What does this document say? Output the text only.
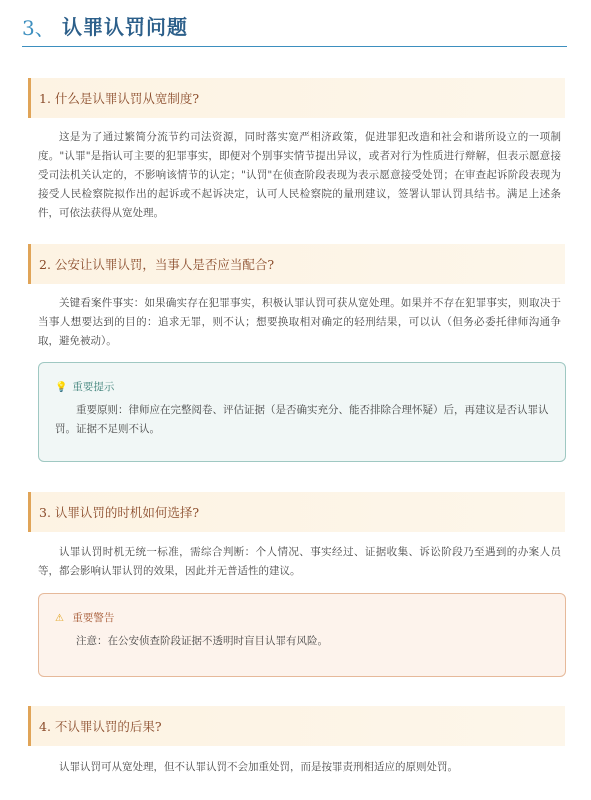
3、 认罪认罚问题
1. 什么是认罪认罚从宽制度?
这是为了通过繁简分流节约司法资源，同时落实宽严相济政策，促进罪犯改造和社会和谐所设立的一项制度。"认罪"是指认可主要的犯罪事实，即便对个别事实情节提出异议，或者对行为性质进行辩解，但表示愿意接受司法机关认定的，不影响该情节的认定；"认罚"在侦查阶段表现为表示愿意接受处罚；在审查起诉阶段表现为接受人民检察院拟作出的起诉或不起诉决定，认可人民检察院的量刑建议，签署认罪认罚具结书。满足上述条件，可依法获得从宽处理。
2. 公安让认罪认罚，当事人是否应当配合?
关键看案件事实：如果确实存在犯罪事实，积极认罪认罚可获从宽处理。如果并不存在犯罪事实，则取决于当事人想要达到的目的：追求无罪，则不认；想要换取相对确定的轻刑结果，可以认（但务必委托律师沟通争取，避免被动）。
💡 重要提示
重要原则：律师应在完整阅卷、评估证据（是否确实充分、能否排除合理怀疑）后，再建议是否认罪认罚。证据不足则不认。
3. 认罪认罚的时机如何选择?
认罪认罚时机无统一标准，需综合判断：个人情况、事实经过、证据收集、诉讼阶段乃至遇到的办案人员等，都会影响认罪认罚的效果，因此并无普适性的建议。
⚠ 重要警告
注意：在公安侦查阶段证据不透明时盲目认罪有风险。
4. 不认罪认罚的后果?
认罪认罚可从宽处理，但不认罪认罚不会加重处罚，而是按罪责刑相适应的原则处罚。
